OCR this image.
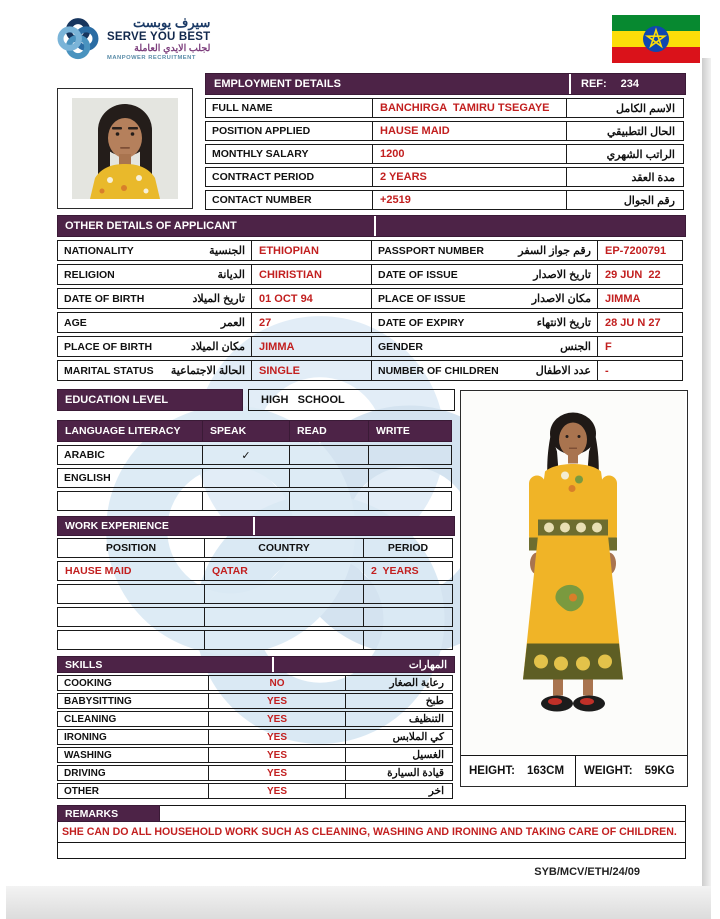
سيرف يوبست
SERVE YOU BEST
لجلب الايدي العاملة
MANPOWER RECRUITMENT
EMPLOYMENT DETAILS	REF: 234
FULL NAME	BANCHIRGA  TAMIRU TSEGAYE	الاسم الكامل
POSITION APPLIED	HAUSE MAID	الحال التطبيقي
MONTHLY SALARY	1200	الراتب الشهري
CONTRACT PERIOD	2 YEARS	مدة العقد
CONTACT NUMBER	+2519	رقم الجوال
OTHER DETAILS OF APPLICANT
NATIONALITY	الجنسية	ETHIOPIAN	PASSPORT NUMBER	رقم جواز السفر	EP-7200791
RELIGION	الديانة	CHIRISTIAN	DATE OF ISSUE	تاريخ الاصدار	29 JUN  22
DATE OF BIRTH	تاريخ الميلاد	01 OCT 94	PLACE OF ISSUE	مكان الاصدار	JIMMA
AGE	العمر	27	DATE OF EXPIRY	تاريخ الانتهاء	28 JU N 27
PLACE OF BIRTH	مكان الميلاد	JIMMA	GENDER	الجنس	F
MARITAL STATUS الحالة الاجتماعية	SINGLE	NUMBER OF CHILDREN	عدد الاطفال	-
EDUCATION LEVEL	HIGH   SCHOOL
LANGUAGE LITERACY	SPEAK	READ	WRITE
ARABIC	✓
ENGLISH
WORK EXPERIENCE
POSITION	COUNTRY	PERIOD
HAUSE MAID	QATAR	2  YEARS
SKILLS	المهارات
COOKING	NO	رعاية الصغار
BABYSITTING	YES	طبخ
CLEANING	YES	التنظيف
IRONING	YES	كي الملابس
WASHING	YES	الغسيل
DRIVING	YES	قيادة السيارة
OTHER	YES	اخر
HEIGHT: 163CM WEIGHT: 59KG
REMARKS
SHE CAN DO ALL HOUSEHOLD WORK SUCH AS CLEANING, WASHING AND IRONING AND TAKING CARE OF CHILDREN.
SYB/MCV/ETH/24/09
